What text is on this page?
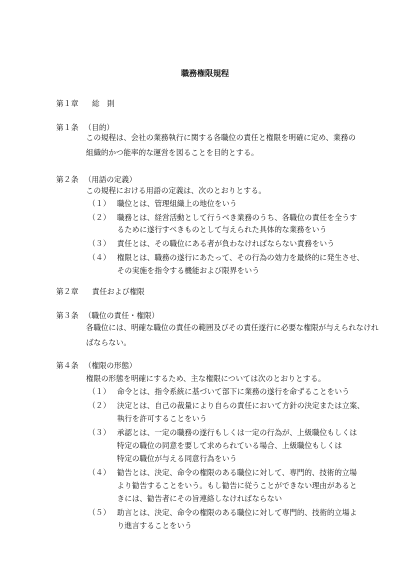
職務権限規程
第１章 総　則
第１条 （目的）
この規程は、会社の業務執行に関する各職位の責任と権限を明確に定め、業務の
組織的かつ能率的な運営を図ることを目的とする。
第２条 （用語の定義）
この規程における用語の定義は、次のとおりとする。
（１） 職位とは、管理組織上の地位をいう
（２） 職務とは、経営活動として行うべき業務のうち、各職位の責任を全うす
るために遂行すべきものとして与えられた具体的な業務をいう
（３） 責任とは、その職位にある者が負わなければならない責務をいう
（４） 権限とは、職務の遂行にあたって、その行為の効力を最終的に発生させ、
その実施を指令する機能および限界をいう
第２章 責任および権限
第３条 （職位の責任・権限）
各職位には、明確な職位の責任の範囲及びその責任遂行に必要な権限が与えられなけれ
ばならない。
第４条 （権限の形態）
権限の形態を明確にするため、主な権限については次のとおりとする。
（１） 命令とは、指令系統に基づいて部下に業務の遂行を命ずることをいう
（２） 決定とは、自己の裁量により自らの責任において方針の決定または立案、
執行を許可することをいう
（３） 承認とは、一定の職務の遂行もしくは一定の行為が、上級職位もしくは
特定の職位の同意を要して求められている場合、上級職位もしくは
特定の職位が与える同意行為をいう
（４） 勧告とは、決定、命令の権限のある職位に対して、専門的、技術的立場
より勧告することをいう。もし勧告に従うことができない理由があると
きには、勧告者にその旨連絡しなければならない
（５） 助言とは、決定、命令の権限のある職位に対して専門的、技術的立場よ
り進言することをいう
